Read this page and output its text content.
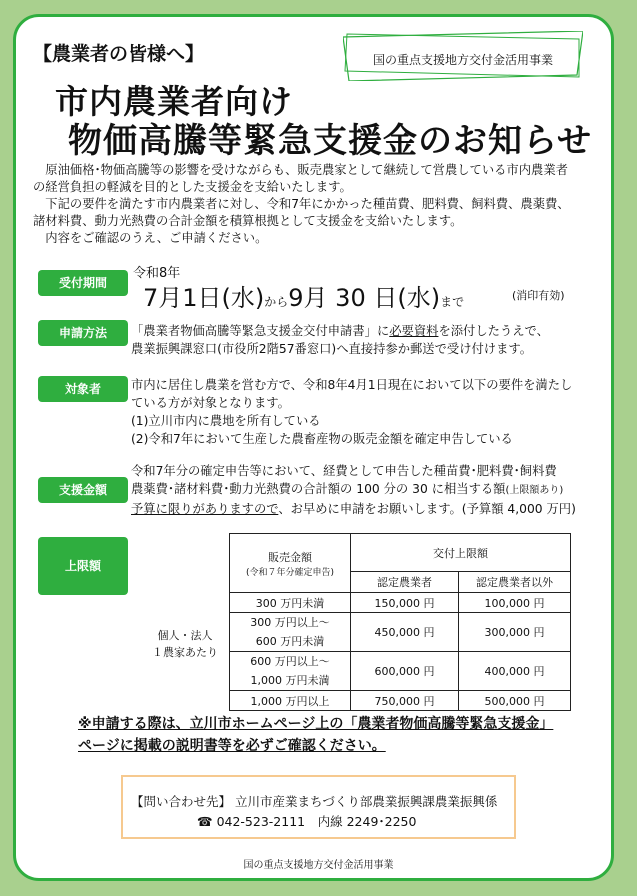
国の重点支援地方交付金活用事業
【農業者の皆様へ】
市内農業者向け
物価高騰等緊急支援金のお知らせ

　原油価格･物価高騰等の影響を受けながらも、販売農家として継続して営農している市内農業者

の経営負担の軽減を目的とした支援金を支給いたします。

　下記の要件を満たす市内農業者に対し、令和7年にかかった種苗費、肥料費、飼料費、農薬費、

諸材料費、動力光熱費の合計金額を積算根拠として支援金を支給いたします。

　内容をご確認のうえ、ご申請ください。

受付期間
令和8年
7月1日(水)から9月 30 日(水)まで	(消印有効)
申請方法	「農業者物価高騰等緊急支援金交付申請書」に必要資料を添付したうえで、
農業振興課窓口(市役所2階57番窓口)へ直接持参か郵送で受け付けます。
対象者	市内に居住し農業を営む方で、令和8年4月1日現在において以下の要件を満たし
ている方が対象となります。
(1)立川市内に農地を所有している
(2)令和7年において生産した農畜産物の販売金額を確定申告している
支援金額
令和7年分の確定申告等において、経費として申告した種苗費･肥料費･飼料費
農薬費･諸材料費･動力光熱費の合計額の 100 分の 30 に相当する額(上限額あり)
予算に限りがありますので、お早めに申請をお願いします。(予算額 4,000 万円)
上限額
個人・法人
１農家あたり
販売金額
(令和７年分確定申告)	交付上限額	
	認定農業者	認定農業者以外
300 万円未満	150,000 円	100,000 円

300 万円以上～
600 万円未満	450,000 円	300,000 円

600 万円以上～
1,000 万円未満	600,000 円	400,000 円
1,000 万円以上	750,000 円	500,000 円
※申請する際は、立川市ホームページ上の「農業者物価高騰等緊急支援金」
ページに掲載の説明書等を必ずご確認ください。
【問い合わせ先】 立川市産業まちづくり部農業振興課農業振興係
☎ 042-523-2111　内線 2249･2250
国の重点支援地方交付金活用事業
